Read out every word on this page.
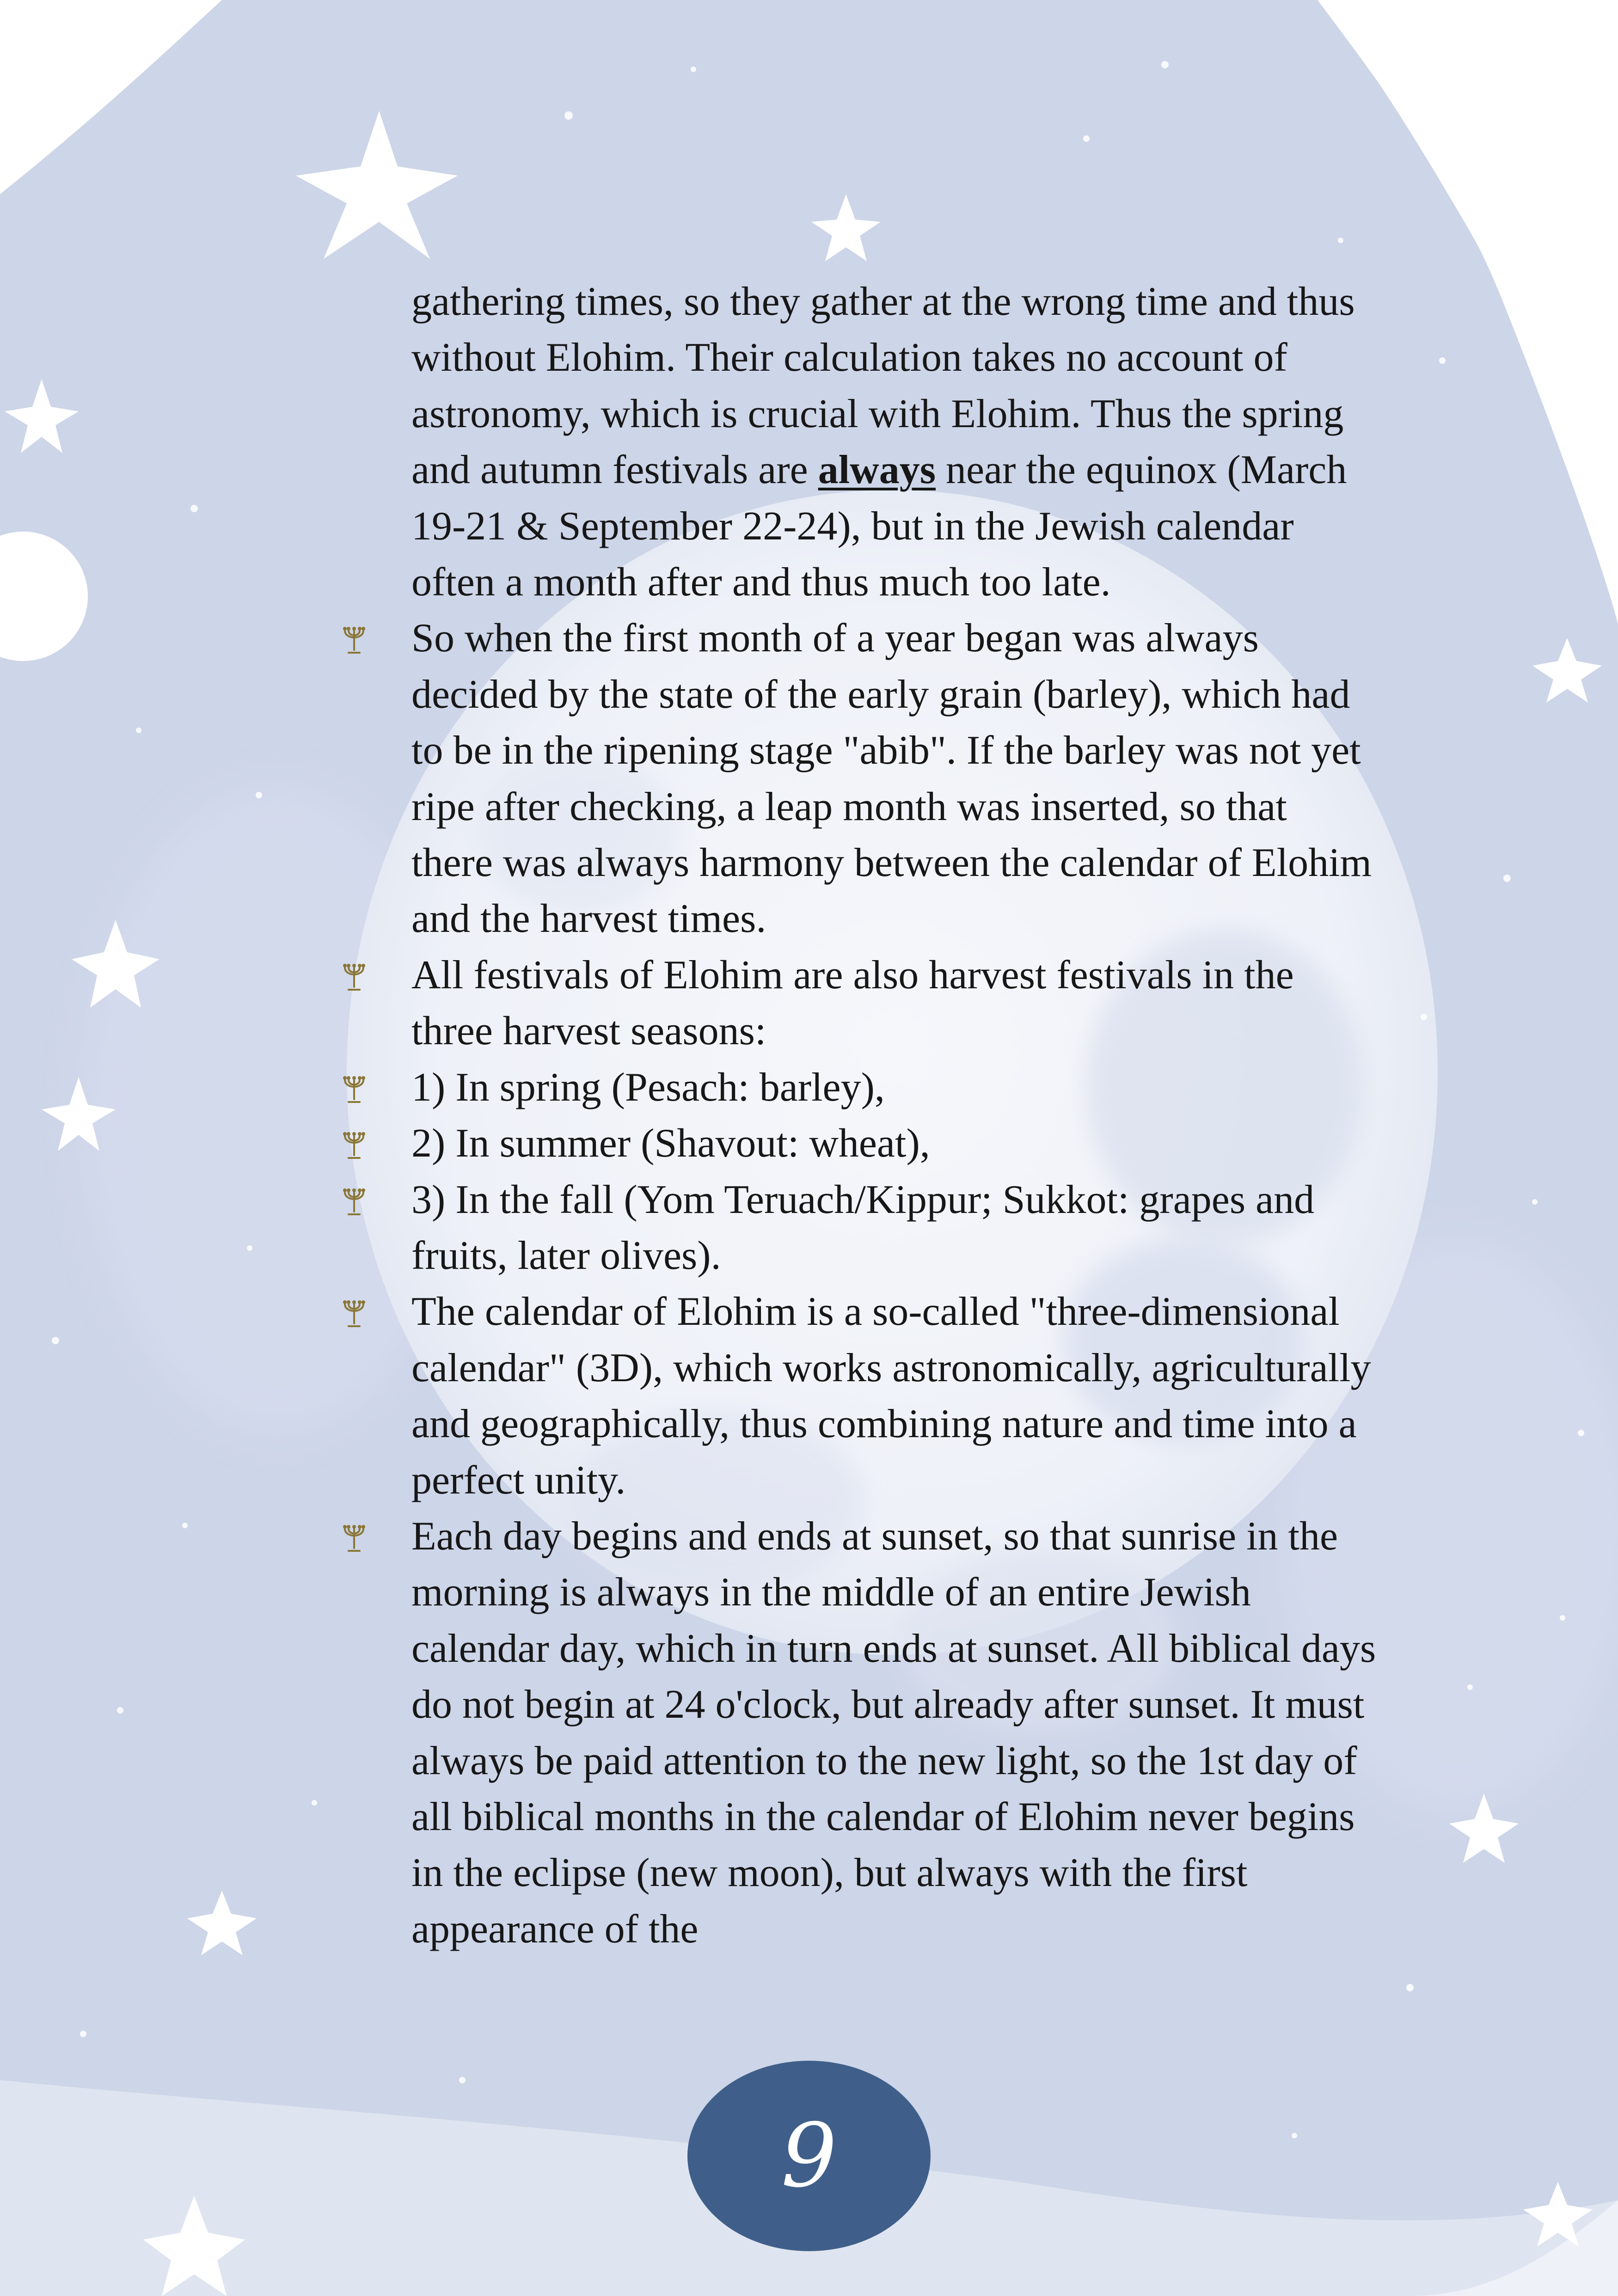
gathering times, so they gather at the wrong time and thus without Elohim. Their calculation takes no account of astronomy, which is crucial with Elohim. Thus the spring and autumn festivals are always near the equinox (March 19-21 & September 22-24), but in the Jewish calendar often a month after and thus much too late.

So when the first month of a year began was always decided by the state of the early grain (barley), which had to be in the ripening stage "abib". If the barley was not yet ripe after checking, a leap month was inserted, so that there was always harmony between the calendar of Elohim and the harvest times.
All festivals of Elohim are also harvest festivals in the three harvest seasons:
1) In spring (Pesach: barley),
2) In summer (Shavout: wheat),
3) In the fall (Yom Teruach/Kippur; Sukkot: grapes and fruits, later olives).
The calendar of Elohim is a so-called "three-dimensional calendar" (3D), which works astronomically, agriculturally and geographically, thus combining nature and time into a perfect unity.
Each day begins and ends at sunset, so that sunrise in the morning is always in the middle of an entire Jewish calendar day, which in turn ends at sunset. All biblical days do not begin at 24 o'clock, but already after sunset. It must always be paid attention to the new light, so the 1st day of all biblical months in the calendar of Elohim never begins in the eclipse (new moon), but always with the first appearance of the
9
